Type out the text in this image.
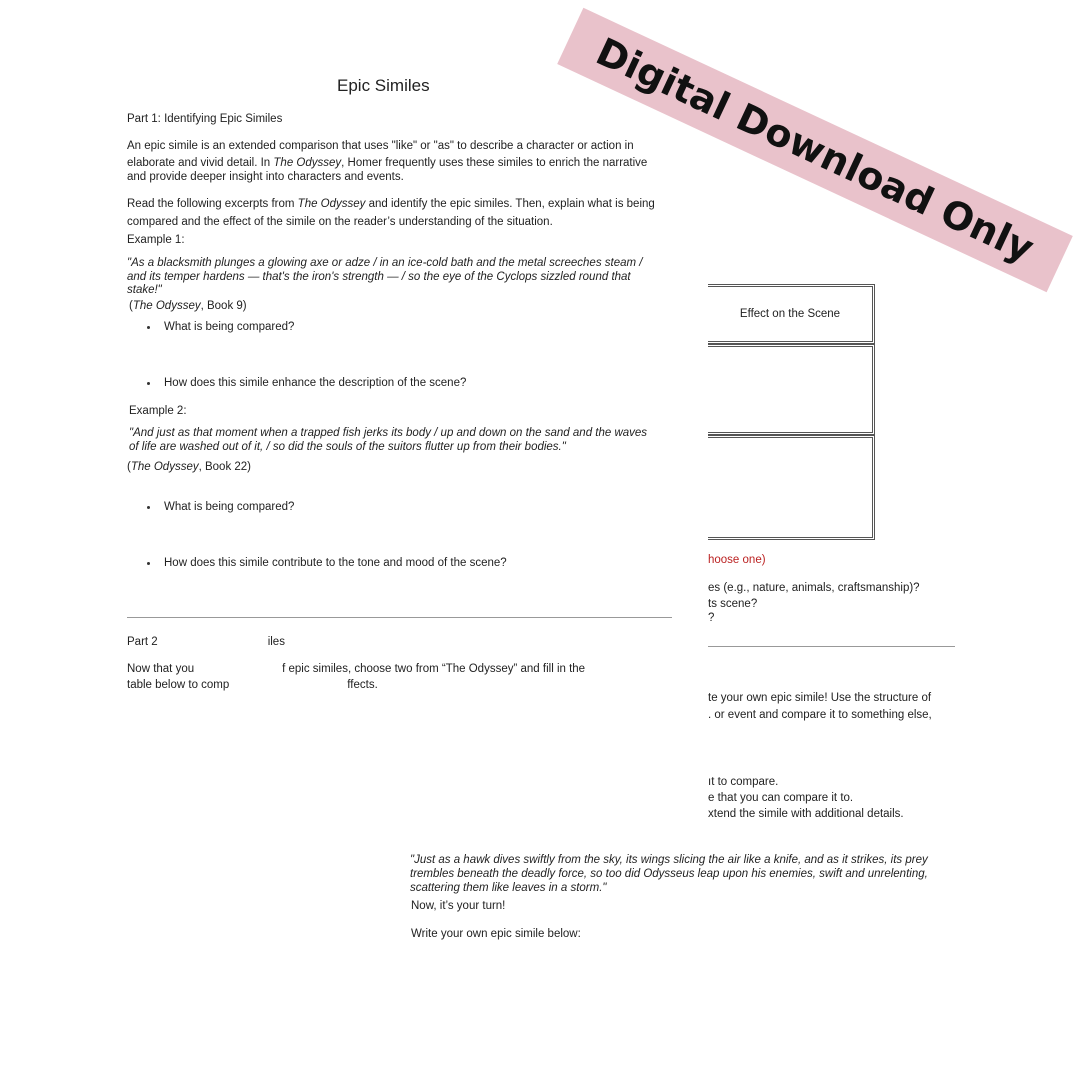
Epic Similes
Part 1: Identifying Epic Similes
An epic simile is an extended comparison that uses "like" or "as" to describe a character or action in
elaborate and vivid detail. In The Odyssey, Homer frequently uses these similes to enrich the narrative
and provide deeper insight into characters and events.
Read the following excerpts from The Odyssey and identify the epic similes. Then, explain what is being
compared and the effect of the simile on the reader’s understanding of the situation.
Example 1:
"As a blacksmith plunges a glowing axe or adze / in an ice-cold bath and the metal screeches steam /
and its temper hardens — that's the iron's strength — / so the eye of the Cyclops sizzled round that
stake!"
(The Odyssey, Book 9)
What is being compared?
How does this simile enhance the description of the scene?
Example 2:
"And just as that moment when a trapped fish jerks its body / up and down on the sand and the waves
of life are washed out of it, / so did the souls of the suitors flutter up from their bodies."
(The Odyssey, Book 22)
What is being compared?
How does this simile contribute to the tone and mood of the scene?
Part 2	iles
Now that you	f epic similes, choose two from “The Odyssey” and fill in the
table below to comp	ffects.
Effect on the Scene
hoose one)
es (e.g., nature, animals, craftsmanship)?
ts scene?
?
te your own epic simile! Use the structure of
. or event and compare it to something else,
ıt to compare.
e that you can compare it to.
xtend the simile with additional details.
"Just as a hawk dives swiftly from the sky, its wings slicing the air like a knife, and as it strikes, its prey
trembles beneath the deadly force, so too did Odysseus leap upon his enemies, swift and unrelenting,
scattering them like leaves in a storm."
Now, it’s your turn!
Write your own epic simile below:
Digital Download Only
